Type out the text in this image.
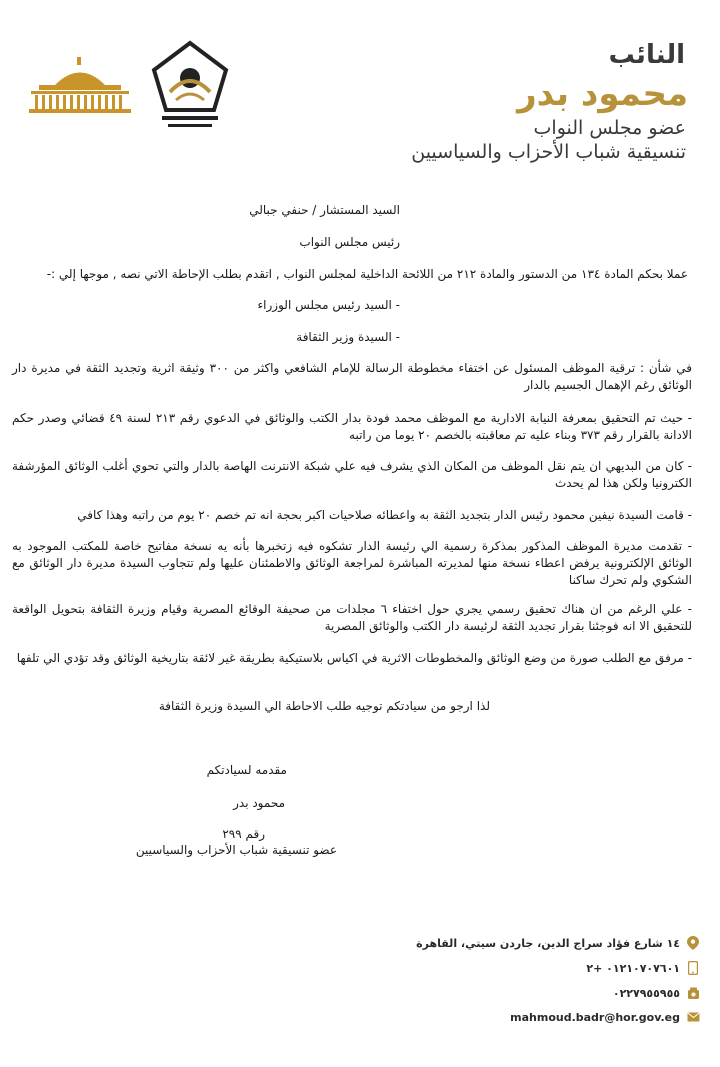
النائب
محمود بدر
عضو مجلس النواب
تنسيقية شباب الأحزاب والسياسيين
السيد المستشار / حنفي جبالي
رئيس مجلس النواب
عملا بحكم المادة ١٣٤ من الدستور والمادة ٢١٢ من اللائحة الداخلية لمجلس النواب , اتقدم بطلب الإحاطة الاتي نصه , موجها إلي :-
- السيد رئيس مجلس الوزراء
- السيدة وزير الثقافة
في شأن : ترقية الموظف المسئول عن اختفاء مخطوطة الرسالة للإمام الشافعي واكثر من ٣٠٠ وثيقة اثرية وتجديد الثقة في مديرة دار الوثائق رغم الإهمال الجسيم بالدار
- حيث تم التحقيق بمعرفة النيابة الادارية مع الموظف محمد فودة بدار الكتب والوثائق في الدعوي رقم ٢١٣ لسنة ٤٩ قضائي وصدر حكم الادانة بالقرار رقم ٣٧٣ وبناء عليه تم معاقبته بالخصم ٢٠ يوما من راتبه
- كان من البديهي ان يتم نقل الموظف من المكان الذي يشرف فيه علي شبكة الانترنت الهاصة بالدار والتي تحوي أغلب الوثائق المؤرشفة الكترونيا ولكن هذا لم يحدث
- قامت السيدة نيفين محمود رئيس الدار بتجديد الثقة به واعطائه صلاحيات اكبر بحجة انه تم خصم ٢٠ يوم من راتبه وهذا كافي
- تقدمت مديرة الموظف المذكور بمذكرة رسمية الي رئيسة الدار تشكوه فيه زتخبرها بأنه يه نسخة مفاتيح خاصة للمكتب الموجود به الوثائق الإلكترونية يرفض اعطاء نسخة منها لمديرته المباشرة لمراجعة الوثائق والاطمئنان عليها ولم تتجاوب السيدة مديرة دار الوثائق مع الشكوي ولم تحرك ساكنا
- علي الرغم من ان هناك تحقيق رسمي يجري حول اختفاء ٦ مجلدات من صحيفة الوقائع المصرية وقيام وزيرة الثقافة بتحويل الواقعة للتحقيق الا انه فوجئنا بقرار تجديد الثقة لرئيسة دار الكتب والوثائق المصرية
- مرفق مع الطلب صورة من وضع الوثائق والمخطوطات الاثرية في اكياس بلاستيكية بطريقة غير لائقة بتاريخية الوثائق وقد تؤدي الي تلفها
لذا ارجو من سيادتكم توجيه طلب الاحاطة الي السيدة وزيرة الثقافة
مقدمه لسيادتكم
محمود بدر
رقم ٢٩٩
عضو تنسيقية شباب الأحزاب والسياسيين
١٤ شارع فؤاد سراج الدين، جاردن سيتي، القاهرة
٠١٢١٠٧٠٧٦٠١ +٢
٠٢٢٧٩٥٥٩٥٥
mahmoud.badr@hor.gov.eg
